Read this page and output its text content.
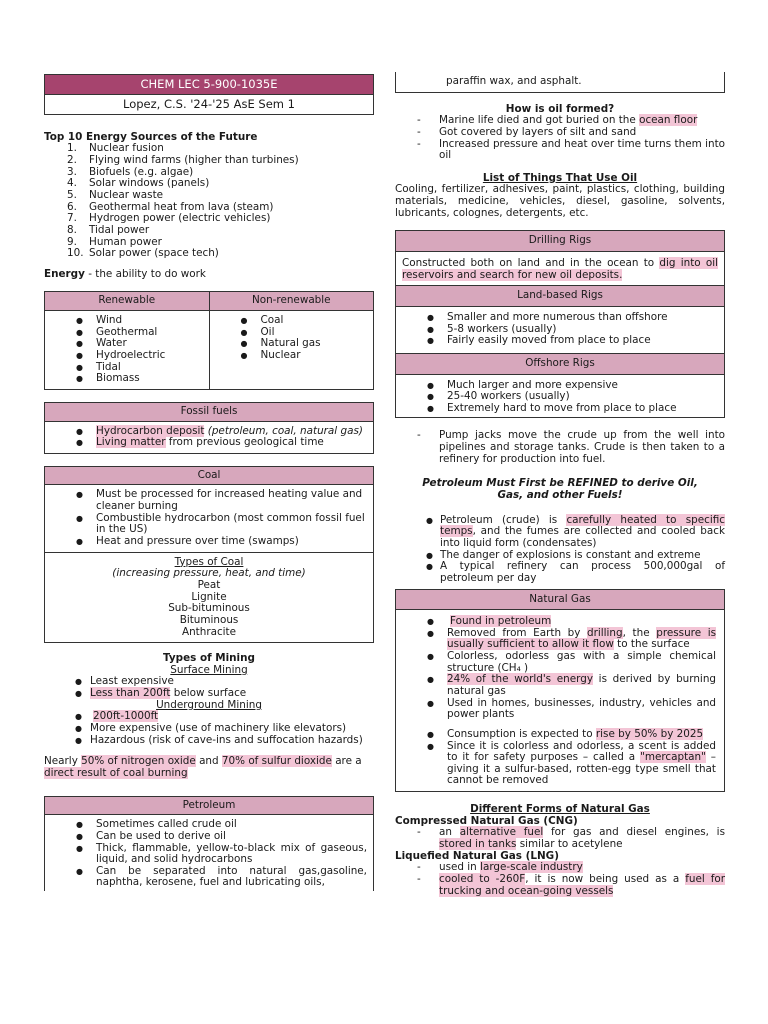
CHEM LEC 5-900-1035E
Lopez, C.S. '24-'25 AsE Sem 1
Top 10 Energy Sources of the Future
1. Nuclear fusion
2. Flying wind farms (higher than turbines)
3. Biofuels (e.g. algae)
4. Solar windows (panels)
5. Nuclear waste
6. Geothermal heat from lava (steam)
7. Hydrogen power (electric vehicles)
8. Tidal power
9. Human power
10. Solar power (space tech)
Energy - the ability to do work
Renewable
● Wind
● Geothermal
● Water
● Hydroelectric
● Tidal
● Biomass
Non-renewable
● Coal
● Oil
● Natural gas
● Nuclear
Fossil fuels
● Hydrocarbon deposit (petroleum, coal, natural gas)
● Living matter from previous geological time
Coal
● Must be processed for increased heating value and cleaner burning
● Combustible hydrocarbon (most common fossil fuel in the US)
● Heat and pressure over time (swamps)
Types of Coal
(increasing pressure, heat, and time)
Peat
Lignite
Sub-bituminous
Bituminous
Anthracite
Types of Mining
Surface Mining
● Least expensive
● Less than 200ft below surface
Underground Mining
● 200ft-1000ft
● More expensive (use of machinery like elevators)
● Hazardous (risk of cave-ins and suffocation hazards)
Nearly 50% of nitrogen oxide and 70% of sulfur dioxide are a direct result of coal burning
Petroleum
● Sometimes called crude oil
● Can be used to derive oil
● Thick, flammable, yellow-to-black mix of gaseous, liquid, and solid hydrocarbons
● Can be separated into natural gas,gasoline, naphtha, kerosene, fuel and lubricating oils,
paraffin wax, and asphalt.
How is oil formed?
- Marine life died and got buried on the ocean floor
- Got covered by layers of silt and sand
- Increased pressure and heat over time turns them into oil
List of Things That Use Oil
Cooling, fertilizer, adhesives, paint, plastics, clothing, building materials, medicine, vehicles, diesel, gasoline, solvents, lubricants, colognes, detergents, etc.
Drilling Rigs
Constructed both on land and in the ocean to dig into oil reservoirs and search for new oil deposits.
Land-based Rigs
● Smaller and more numerous than offshore
● 5-8 workers (usually)
● Fairly easily moved from place to place
Offshore Rigs
● Much larger and more expensive
● 25-40 workers (usually)
● Extremely hard to move from place to place
- Pump jacks move the crude up from the well into pipelines and storage tanks. Crude is then taken to a refinery for production into fuel.
Petroleum Must First be REFINED to derive Oil, Gas, and other Fuels!
● Petroleum (crude) is carefully heated to specific temps, and the fumes are collected and cooled back into liquid form (condensates)
● The danger of explosions is constant and extreme
● A typical refinery can process 500,000gal of petroleum per day
Natural Gas
● Found in petroleum
● Removed from Earth by drilling, the pressure is usually sufficient to allow it flow to the surface
● Colorless, odorless gas with a simple chemical structure (CH₄ )
● 24% of the world's energy is derived by burning natural gas
● Used in homes, businesses, industry, vehicles and power plants
● Consumption is expected to rise by 50% by 2025
● Since it is colorless and odorless, a scent is added to it for safety purposes – called a "mercaptan" – giving it a sulfur-based, rotten-egg type smell that cannot be removed
Different Forms of Natural Gas
Compressed Natural Gas (CNG)
- an alternative fuel for gas and diesel engines, is stored in tanks similar to acetylene
Liquefied Natural Gas (LNG)
- used in large-scale industry
- cooled to -260F, it is now being used as a fuel for trucking and ocean-going vessels
